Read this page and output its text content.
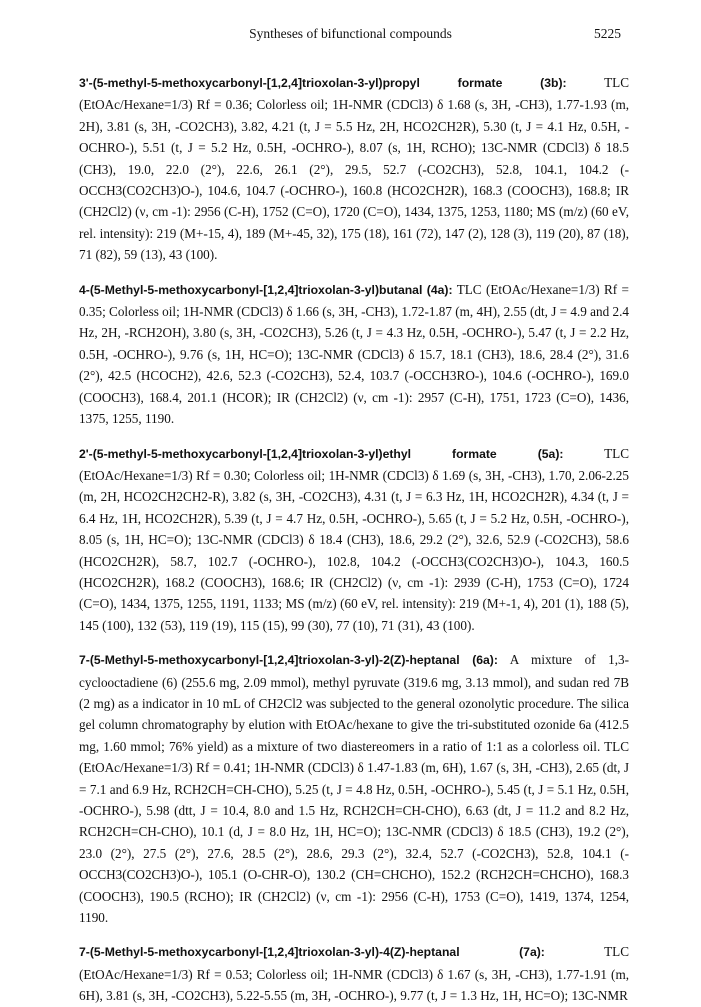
Syntheses of bifunctional compounds	5225

3'-(5-methyl-5-methoxycarbonyl-[1,2,4]trioxolan-3-yl)propyl formate (3b): TLC (EtOAc/Hexane=1/3) Rf = 0.36; Colorless oil; 1H-NMR (CDCl3) δ 1.68 (s, 3H, -CH3), 1.77-1.93 (m, 2H), 3.81 (s, 3H, -CO2CH3), 3.82, 4.21 (t, J = 5.5 Hz, 2H, HCO2CH2R), 5.30 (t, J = 4.1 Hz, 0.5H, -OCHRO-), 5.51 (t, J = 5.2 Hz, 0.5H, -OCHRO-), 8.07 (s, 1H, RCHO); 13C-NMR (CDCl3) δ 18.5 (CH3), 19.0, 22.0 (2°), 22.6, 26.1 (2°), 29.5, 52.7 (-CO2CH3), 52.8, 104.1, 104.2 (-OCCH3(CO2CH3)O-), 104.6, 104.7 (-OCHRO-), 160.8 (HCO2CH2R), 168.3 (COOCH3), 168.8; IR (CH2Cl2) (ν, cm -1): 2956 (C-H), 1752 (C=O), 1720 (C=O), 1434, 1375, 1253, 1180; MS (m/z) (60 eV, rel. intensity): 219 (M+-15, 4), 189 (M+-45, 32), 175 (18), 161 (72), 147 (2), 128 (3), 119 (20), 87 (18), 71 (82), 59 (13), 43 (100).

4-(5-Methyl-5-methoxycarbonyl-[1,2,4]trioxolan-3-yl)butanal (4a): TLC (EtOAc/Hexane=1/3) Rf = 0.35; Colorless oil; 1H-NMR (CDCl3) δ 1.66 (s, 3H, -CH3), 1.72-1.87 (m, 4H), 2.55 (dt, J = 4.9 and 2.4 Hz, 2H, -RCH2OH), 3.80 (s, 3H, -CO2CH3), 5.26 (t, J = 4.3 Hz, 0.5H, -OCHRO-), 5.47 (t, J = 2.2 Hz, 0.5H, -OCHRO-), 9.76 (s, 1H, HC=O); 13C-NMR (CDCl3) δ 15.7, 18.1 (CH3), 18.6, 28.4 (2°), 31.6 (2°), 42.5 (HCOCH2), 42.6, 52.3 (-CO2CH3), 52.4, 103.7 (-OCCH3RO-), 104.6 (-OCHRO-), 169.0 (COOCH3), 168.4, 201.1 (HCOR); IR (CH2Cl2) (ν, cm -1): 2957 (C-H), 1751, 1723 (C=O), 1436, 1375, 1255, 1190.

2'-(5-methyl-5-methoxycarbonyl-[1,2,4]trioxolan-3-yl)ethyl formate (5a): TLC (EtOAc/Hexane=1/3) Rf = 0.30; Colorless oil; 1H-NMR (CDCl3) δ 1.69 (s, 3H, -CH3), 1.70, 2.06-2.25 (m, 2H, HCO2CH2CH2-R), 3.82 (s, 3H, -CO2CH3), 4.31 (t, J = 6.3 Hz, 1H, HCO2CH2R), 4.34 (t, J = 6.4 Hz, 1H, HCO2CH2R), 5.39 (t, J = 4.7 Hz, 0.5H, -OCHRO-), 5.65 (t, J = 5.2 Hz, 0.5H, -OCHRO-), 8.05 (s, 1H, HC=O); 13C-NMR (CDCl3) δ 18.4 (CH3), 18.6, 29.2 (2°), 32.6, 52.9 (-CO2CH3), 58.6 (HCO2CH2R), 58.7, 102.7 (-OCHRO-), 102.8, 104.2 (-OCCH3(CO2CH3)O-), 104.3, 160.5 (HCO2CH2R), 168.2 (COOCH3), 168.6; IR (CH2Cl2) (ν, cm -1): 2939 (C-H), 1753 (C=O), 1724 (C=O), 1434, 1375, 1255, 1191, 1133; MS (m/z) (60 eV, rel. intensity): 219 (M+-1, 4), 201 (1), 188 (5), 145 (100), 132 (53), 119 (19), 115 (15), 99 (30), 77 (10), 71 (31), 43 (100).

7-(5-Methyl-5-methoxycarbonyl-[1,2,4]trioxolan-3-yl)-2(Z)-heptanal (6a): A mixture of 1,3-cyclooctadiene (6) (255.6 mg, 2.09 mmol), methyl pyruvate (319.6 mg, 3.13 mmol), and sudan red 7B (2 mg) as a indicator in 10 mL of CH2Cl2 was subjected to the general ozonolytic procedure. The silica gel column chromatography by elution with EtOAc/hexane to give the tri-substituted ozonide 6a (412.5 mg, 1.60 mmol; 76% yield) as a mixture of two diastereomers in a ratio of 1:1 as a colorless oil. TLC (EtOAc/Hexane=1/3) Rf = 0.41; 1H-NMR (CDCl3) δ 1.47-1.83 (m, 6H), 1.67 (s, 3H, -CH3), 2.65 (dt, J = 7.1 and 6.9 Hz, RCH2CH=CH-CHO), 5.25 (t, J = 4.8 Hz, 0.5H, -OCHRO-), 5.45 (t, J = 5.1 Hz, 0.5H, -OCHRO-), 5.98 (dtt, J = 10.4, 8.0 and 1.5 Hz, RCH2CH=CH-CHO), 6.63 (dt, J = 11.2 and 8.2 Hz, RCH2CH=CH-CHO), 10.1 (d, J = 8.0 Hz, 1H, HC=O); 13C-NMR (CDCl3) δ 18.5 (CH3), 19.2 (2°), 23.0 (2°), 27.5 (2°), 27.6, 28.5 (2°), 28.6, 29.3 (2°), 32.4, 52.7 (-CO2CH3), 52.8, 104.1 (-OCCH3(CO2CH3)O-), 105.1 (O-CHR-O), 130.2 (CH=CHCHO), 152.2 (RCH2CH=CHCHO), 168.3 (COOCH3), 190.5 (RCHO); IR (CH2Cl2) (ν, cm -1): 2956 (C-H), 1753 (C=O), 1419, 1374, 1254, 1190.

7-(5-Methyl-5-methoxycarbonyl-[1,2,4]trioxolan-3-yl)-4(Z)-heptanal (7a): TLC (EtOAc/Hexane=1/3) Rf = 0.53; Colorless oil; 1H-NMR (CDCl3) δ 1.67 (s, 3H, -CH3), 1.77-1.91 (m, 6H), 3.81 (s, 3H, -CO2CH3), 5.22-5.55 (m, 3H, -OCHRO-), 9.77 (t, J = 1.3 Hz, 1H, HC=O); 13C-NMR
